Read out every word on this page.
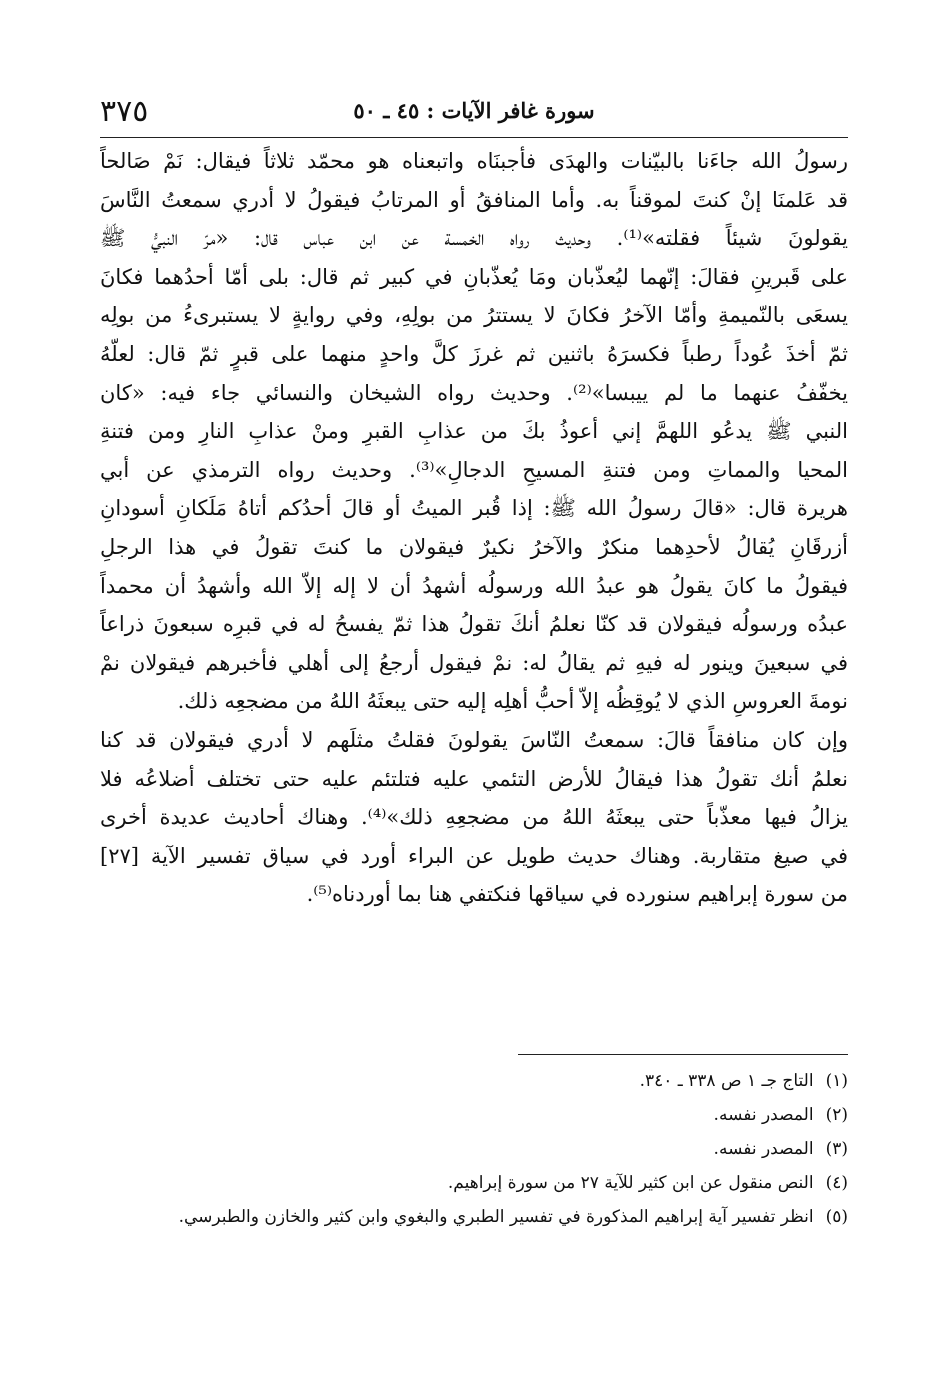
سورة غافر الآيات : ٤٥ ـ ٥٠
٣٧٥
رسولُ الله جاءَنا بالبيّنات والهدَى فأجبنَاه واتبعناه هو محمّد ثلاثاً فيقال: نَمْ صَالحاً
قد عَلمنَا إنْ كنتَ لموقناً به. وأما المنافقُ أو المرتابُ فيقولُ لا أدري سمعتُ النَّاسَ
يقولونَ شيئاً فقلته»⁽¹⁾. وحديث رواه الخمسة عن ابن عباس قال: «مرّ النبيُّ ﷺ
على قَبرينِ فقالَ: إنّهما ليُعذّبان ومَا يُعذّبانِ في كبير ثم قال: بلى أمّا أحدُهما فكانَ
يسعَى بالنّميمةِ وأمّا الآخرُ فكانَ لا يستترُ من بولِهِ، وفي روايةٍ لا يستبرىءُ من بولِه
ثمّ أخذَ عُوداً رطباً فكسرَهُ باثنين ثم غرزَ كلَّ واحدٍ منهما على قبرٍ ثمّ قال: لعلّهُ
يخفّفُ عنهما ما لم ييبسا»⁽²⁾. وحديث رواه الشيخان والنسائي جاء فيه: «كان
النبي ﷺ يدعُو اللهمَّ إني أعوذُ بكَ من عذابِ القبرِ ومنْ عذابِ النارِ ومن فتنةِ
المحيا والمماتِ ومن فتنةِ المسيحِ الدجالِ»⁽³⁾. وحديث رواه الترمذي عن أبي
هريرة قال: «قالَ رسولُ الله ﷺ: إذا قُبر الميتُ أو قالَ أحدُكم أتاهُ مَلَكانِ أسودانِ
أزرقَانِ يُقالُ لأحدِهما منكرٌ والآخرُ نكيرٌ فيقولان ما كنتَ تقولُ في هذا الرجلِ
فيقولُ ما كانَ يقولُ هو عبدُ الله ورسولُه أشهدُ أن لا إله إلاّ الله وأشهدُ أن محمداً
عبدُه ورسولُه فيقولان قد كنّا نعلمُ أنكَ تقولُ هذا ثمّ يفسحُ له في قبرِه سبعونَ ذراعاً
في سبعينَ وينور له فيهِ ثم يقالُ له: نمْ فيقول أرجعُ إلى أهلي فأخبرهم فيقولان نمْ
نومةَ العروسِ الذي لا يُوقِظُه إلاّ أحبُّ أهلِه إليه حتى يبعثَهُ اللهُ من مضجعِه ذلك.
وإن كان منافقاً قالَ: سمعتُ النّاسَ يقولونَ فقلتُ مثلَهم لا أدري فيقولان قد كنا
نعلمُ أنك تقولُ هذا فيقالُ للأرض التئمي عليه فتلتئم عليه حتى تختلف أضلاعُه فلا
يزالُ فيها معذّباً حتى يبعثَهُ اللهُ من مضجعِهِ ذلك»⁽⁴⁾. وهناك أحاديث عديدة أخرى
في صيغ متقاربة. وهناك حديث طويل عن البراء أورد في سياق تفسير الآية [٢٧]
من سورة إبراهيم سنورده في سياقها فنكتفي هنا بما أوردناه⁽⁵⁾.
(١)التاج جـ ١ ص ٣٣٨ ـ ٣٤٠.
(٢)المصدر نفسه.
(٣)المصدر نفسه.
(٤)النص منقول عن ابن كثير للآية ٢٧ من سورة إبراهيم.
(٥)انظر تفسير آية إبراهيم المذكورة في تفسير الطبري والبغوي وابن كثير والخازن والطبرسي.
